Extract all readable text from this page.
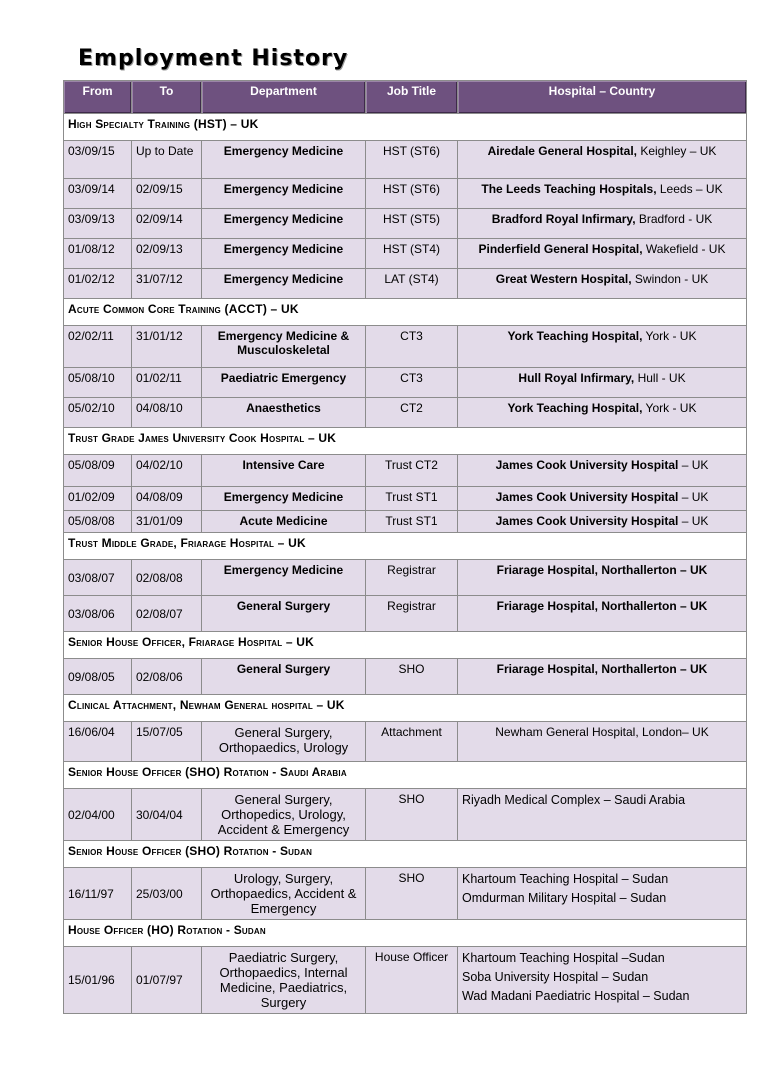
Employment History
From	To	Department	Job Title	Hospital – Country
High Specialty Training (HST) – UK				
03/09/15	Up to Date	Emergency Medicine	HST (ST6)	Airedale General Hospital, Keighley – UK
03/09/14	02/09/15	Emergency Medicine	HST (ST6)	The Leeds Teaching Hospitals, Leeds – UK
03/09/13	02/09/14	Emergency Medicine	HST (ST5)	Bradford Royal Infirmary, Bradford - UK
01/08/12	02/09/13	Emergency Medicine	HST (ST4)	Pinderfield General Hospital, Wakefield - UK
01/02/12	31/07/12	Emergency Medicine	LAT (ST4)	Great Western Hospital, Swindon - UK
Acute Common Core Training (ACCT) – UK				
02/02/11	31/01/12	Emergency Medicine & Musculoskeletal	CT3	York Teaching Hospital, York - UK
05/08/10	01/02/11	Paediatric Emergency	CT3	Hull Royal Infirmary, Hull - UK
05/02/10	04/08/10	Anaesthetics	CT2	York Teaching Hospital, York - UK
Trust Grade James University Cook Hospital – UK				
05/08/09	04/02/10	Intensive Care	Trust CT2	James Cook University Hospital – UK
01/02/09	04/08/09	Emergency Medicine	Trust ST1	James Cook University Hospital – UK
05/08/08	31/01/09	Acute Medicine	Trust ST1	James Cook University Hospital – UK
Trust Middle Grade, Friarage Hospital – UK				
03/08/07	02/08/08	Emergency Medicine	Registrar	Friarage Hospital, Northallerton – UK
03/08/06	02/08/07	General Surgery	Registrar	Friarage Hospital, Northallerton – UK
Senior House Officer, Friarage Hospital – UK				
09/08/05	02/08/06	General Surgery	SHO	Friarage Hospital, Northallerton – UK
Clinical Attachment, Newham General hospital – UK				
16/06/04	15/07/05	General Surgery, Orthopaedics, Urology	Attachment	Newham General Hospital, London– UK
Senior House Officer (SHO) Rotation - Saudi Arabia				
02/04/00	30/04/04	General Surgery, Orthopedics, Urology, Accident & Emergency	SHO	Riyadh Medical Complex – Saudi Arabia

Senior House Officer (SHO) Rotation - Sudan				
16/11/97	25/03/00	Urology, Surgery, Orthopaedics, Accident & Emergency	SHO	Khartoum Teaching Hospital – Sudan
Omdurman Military Hospital – Sudan

House Officer (HO) Rotation - Sudan				
15/01/96	01/07/97	Paediatric Surgery, Orthopaedics, Internal Medicine, Paediatrics, Surgery	House Officer	Khartoum Teaching Hospital –Sudan
Soba University Hospital – Sudan
Wad Madani Paediatric Hospital – Sudan
